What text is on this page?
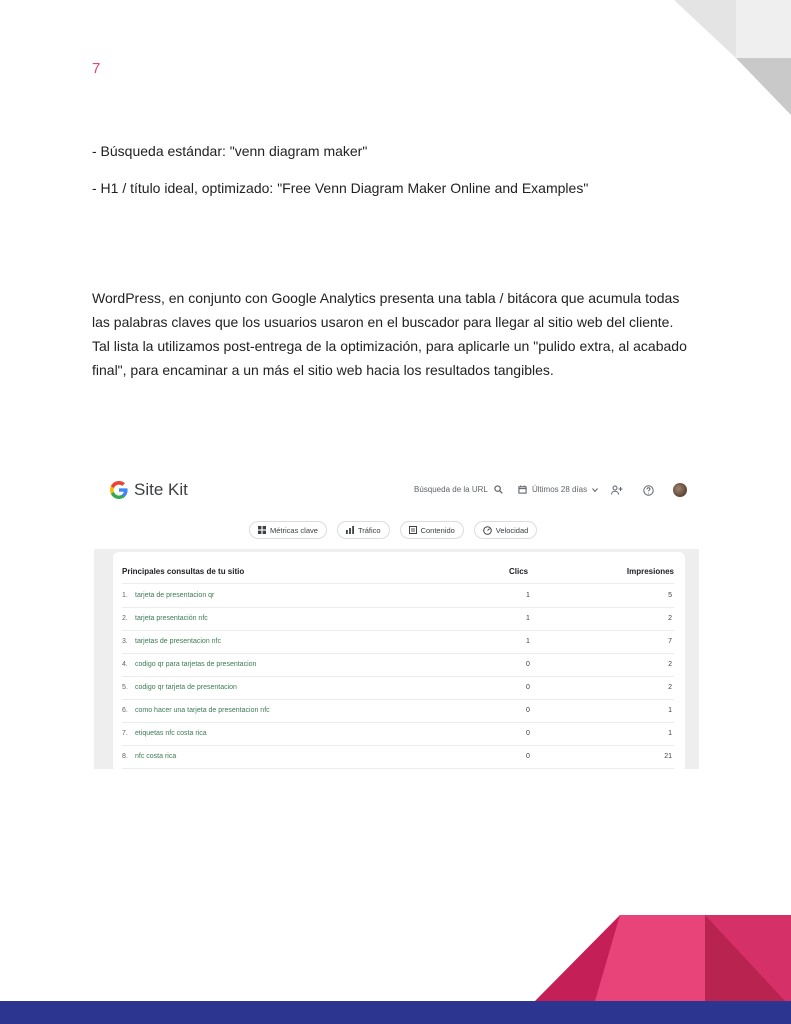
7
- Búsqueda estándar: "venn diagram maker"
- H1 / título ideal, optimizado: "Free Venn Diagram Maker Online and Examples"
WordPress, en conjunto con Google Analytics presenta una tabla / bitácora que acumula todas
las palabras claves que los usuarios usaron en el buscador para llegar al sitio web del cliente.
Tal lista la utilizamos post-entrega de la optimización, para aplicarle un "pulido extra, al acabado
final", para encaminar a un más el sitio web hacia los resultados tangibles.
Site Kit	Búsqueda de la URL	Últimos 28 días
Métricas clave	Tráfico	Contenido	Velocidad
Principales consultas de tu sitio	Clics	Impresiones
1. tarjeta de presentacion qr	1	5
2. tarjeta presentación nfc	1	2
3. tarjetas de presentacion nfc	1	7
4. codigo qr para tarjetas de presentacion	0	2
5. codigo qr tarjeta de presentacion	0	2
6. como hacer una tarjeta de presentacion nfc	0	1
7. etiquetas nfc costa rica	0	1
8. nfc costa rica	0	21
